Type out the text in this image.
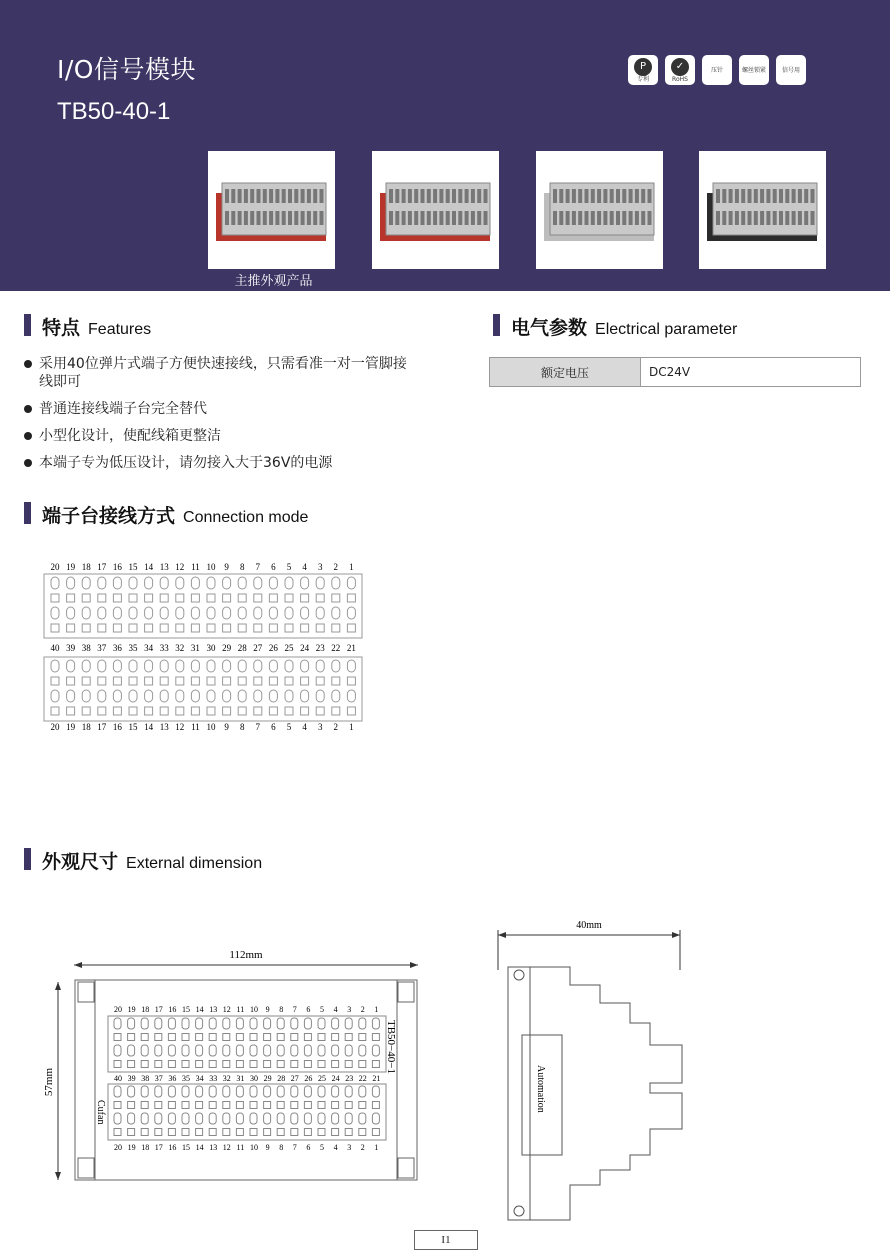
I/O信号模块
TB50-40-1
P
专利
✓
RoHS
压针	螺丝锁紧	信号用
主推外观产品
特点 Features
采用40位弹片式端子方便快速接线，只需看准一对一管脚接线即可
普通连接线端子台完全替代
小型化设计，使配线箱更整洁
本端子专为低压设计，请勿接入大于36V的电源
电气参数 Electrical parameter
额定电压	DC24V
端子台接线方式 Connection mode
20 19 18 17 16 15 14 13 12 11 10 9 8 7 6 5 4 3 2 1
40 39 38 37 36 35 34 33 32 31 30 29 28 27 26 25 24 23 22 21
20 19 18 17 16 15 14 13 12 11 10 9 8 7 6 5 4 3 2 1
外观尺寸 External dimension
112mm
57mm
20 19 18 17 16 15 14 13 12 11 10 9 8 7 6 5 4 3 2 1
40 39 38 37 36 35 34 33 32 31 30 29 28 27 26 25 24 23 22 21
20 19 18 17 16 15 14 13 12 11 10 9 8 7 6 5 4 3 2 1
TB50−40−1
Cufan
40mm
Automation
I1
